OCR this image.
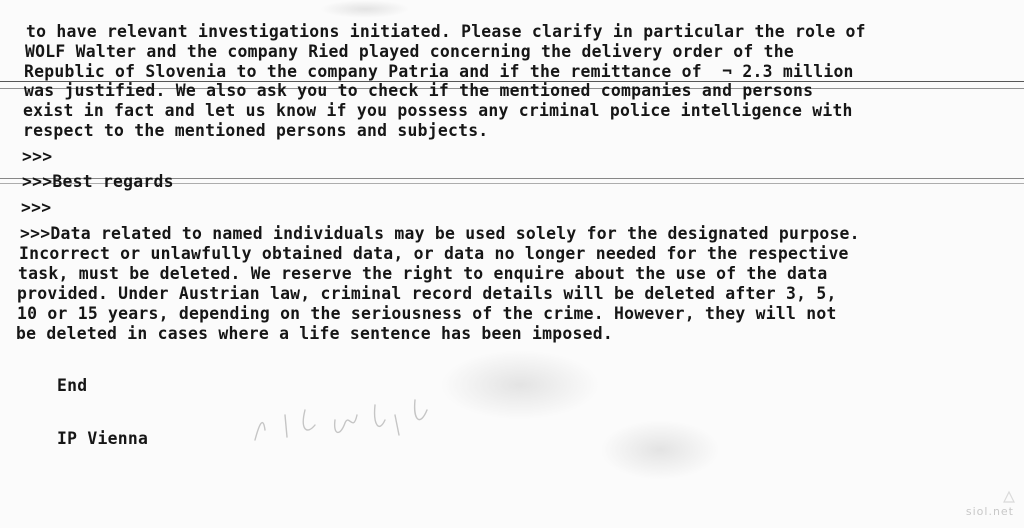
to have relevant investigations initiated. Please clarify in particular the role of
WOLF Walter and the company Ried played concerning the delivery order of the
Republic of Slovenia to the company Patria and if the remittance of  ¬ 2.3 million
was justified. We also ask you to check if the mentioned companies and persons
exist in fact and let us know if you possess any criminal police intelligence with
respect to the mentioned persons and subjects.
>>>
>>>Best regards
>>>
>>>Data related to named individuals may be used solely for the designated purpose.
Incorrect or unlawfully obtained data, or data no longer needed for the respective
task, must be deleted. We reserve the right to enquire about the use of the data
provided. Under Austrian law, criminal record details will be deleted after 3, 5,
10 or 15 years, depending on the seriousness of the crime. However, they will not
be deleted in cases where a life sentence has been imposed.
End
IP Vienna
siol.net
